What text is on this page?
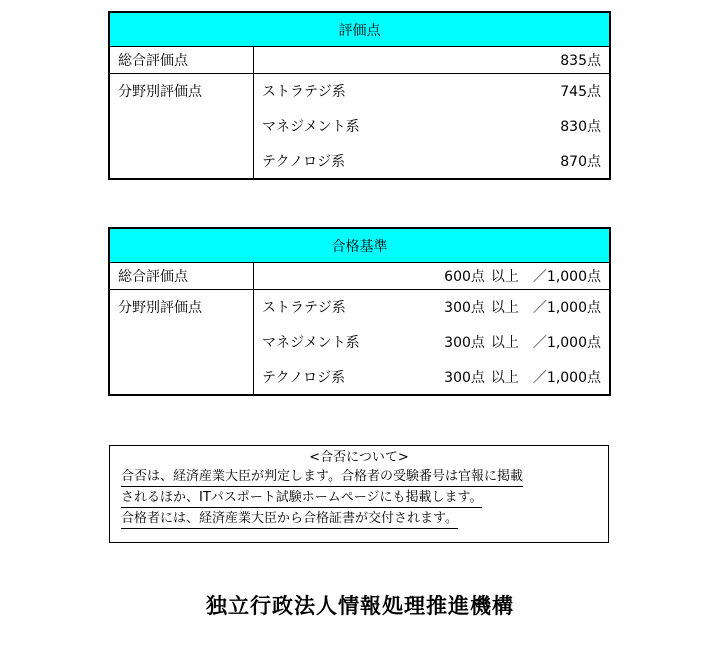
評価点	
総合評価点	835点
分野別評価点	ストラテジ系 745点

	マネジメント系 830点

	テクノロジ系 870点
合格基準	
総合評価点	600点 以上 ／1,000点

分野別評価点	ストラテジ系 300点 以上 ／1,000点

	マネジメント系 300点 以上 ／1,000点

	テクノロジ系 300点 以上 ／1,000点
<合否について>
合否は、経済産業大臣が判定します。合格者の受験番号は官報に掲載
されるほか、ITパスポート試験ホームページにも掲載します。
合格者には、経済産業大臣から合格証書が交付されます。
独立行政法人情報処理推進機構
